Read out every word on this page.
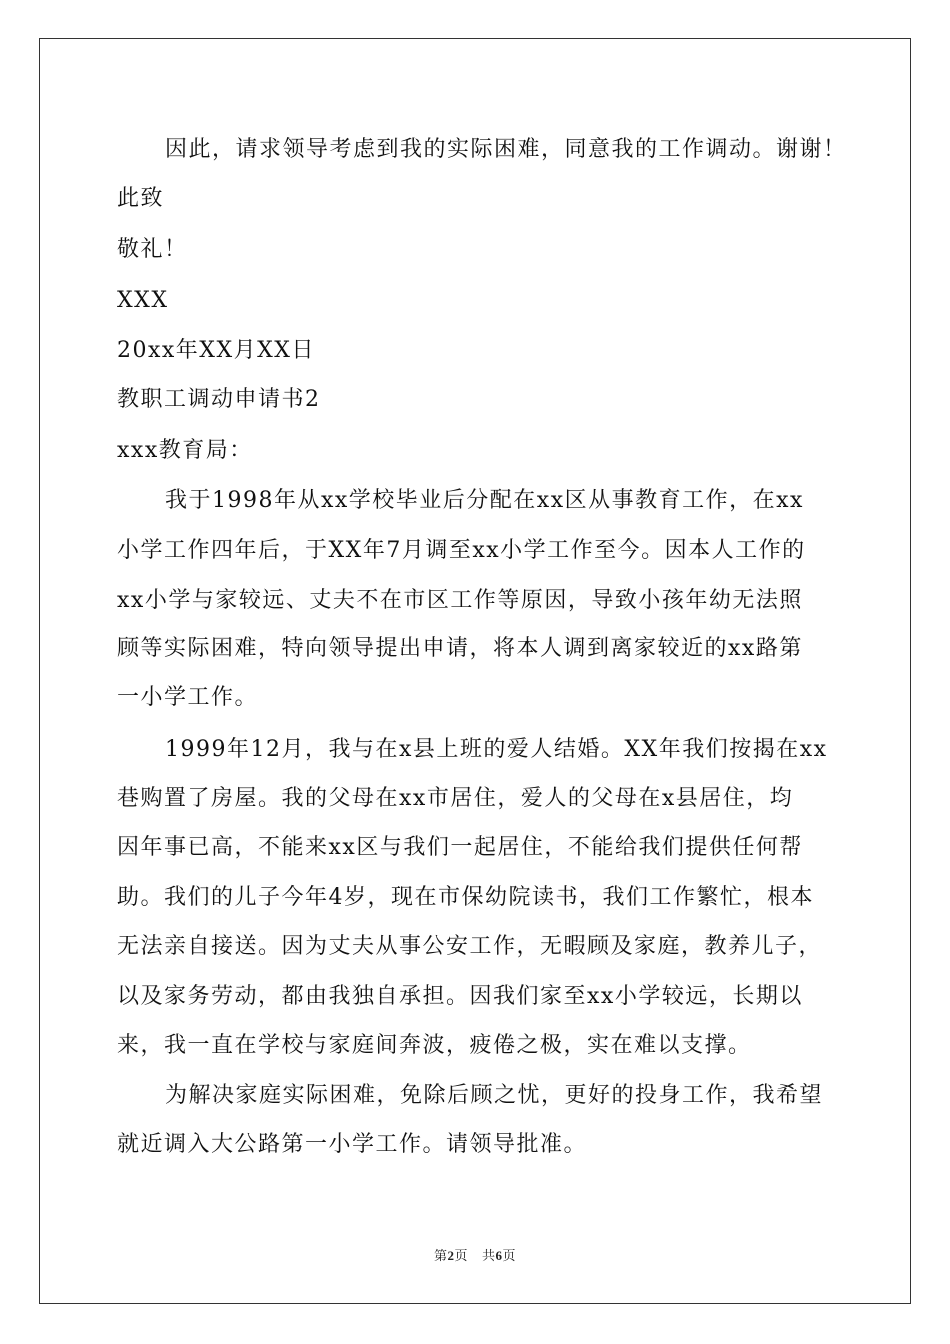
因此，请求领导考虑到我的实际困难，同意我的工作调动。谢谢！
此致
敬礼！
XXX
20xx年XX月XX日
教职工调动申请书2
xxx教育局：
我于1998年从xx学校毕业后分配在xx区从事教育工作，在xx
小学工作四年后，于XX年7月调至xx小学工作至今。因本人工作的
xx小学与家较远、丈夫不在市区工作等原因，导致小孩年幼无法照
顾等实际困难，特向领导提出申请，将本人调到离家较近的xx路第
一小学工作。
1999年12月，我与在x县上班的爱人结婚。XX年我们按揭在xx
巷购置了房屋。我的父母在xx市居住，爱人的父母在x县居住，均
因年事已高，不能来xx区与我们一起居住，不能给我们提供任何帮
助。我们的儿子今年4岁，现在市保幼院读书，我们工作繁忙，根本
无法亲自接送。因为丈夫从事公安工作，无暇顾及家庭，教养儿子，
以及家务劳动，都由我独自承担。因我们家至xx小学较远，长期以
来，我一直在学校与家庭间奔波，疲倦之极，实在难以支撑。
为解决家庭实际困难，免除后顾之忧，更好的投身工作，我希望
就近调入大公路第一小学工作。请领导批准。
第2页 共6页
